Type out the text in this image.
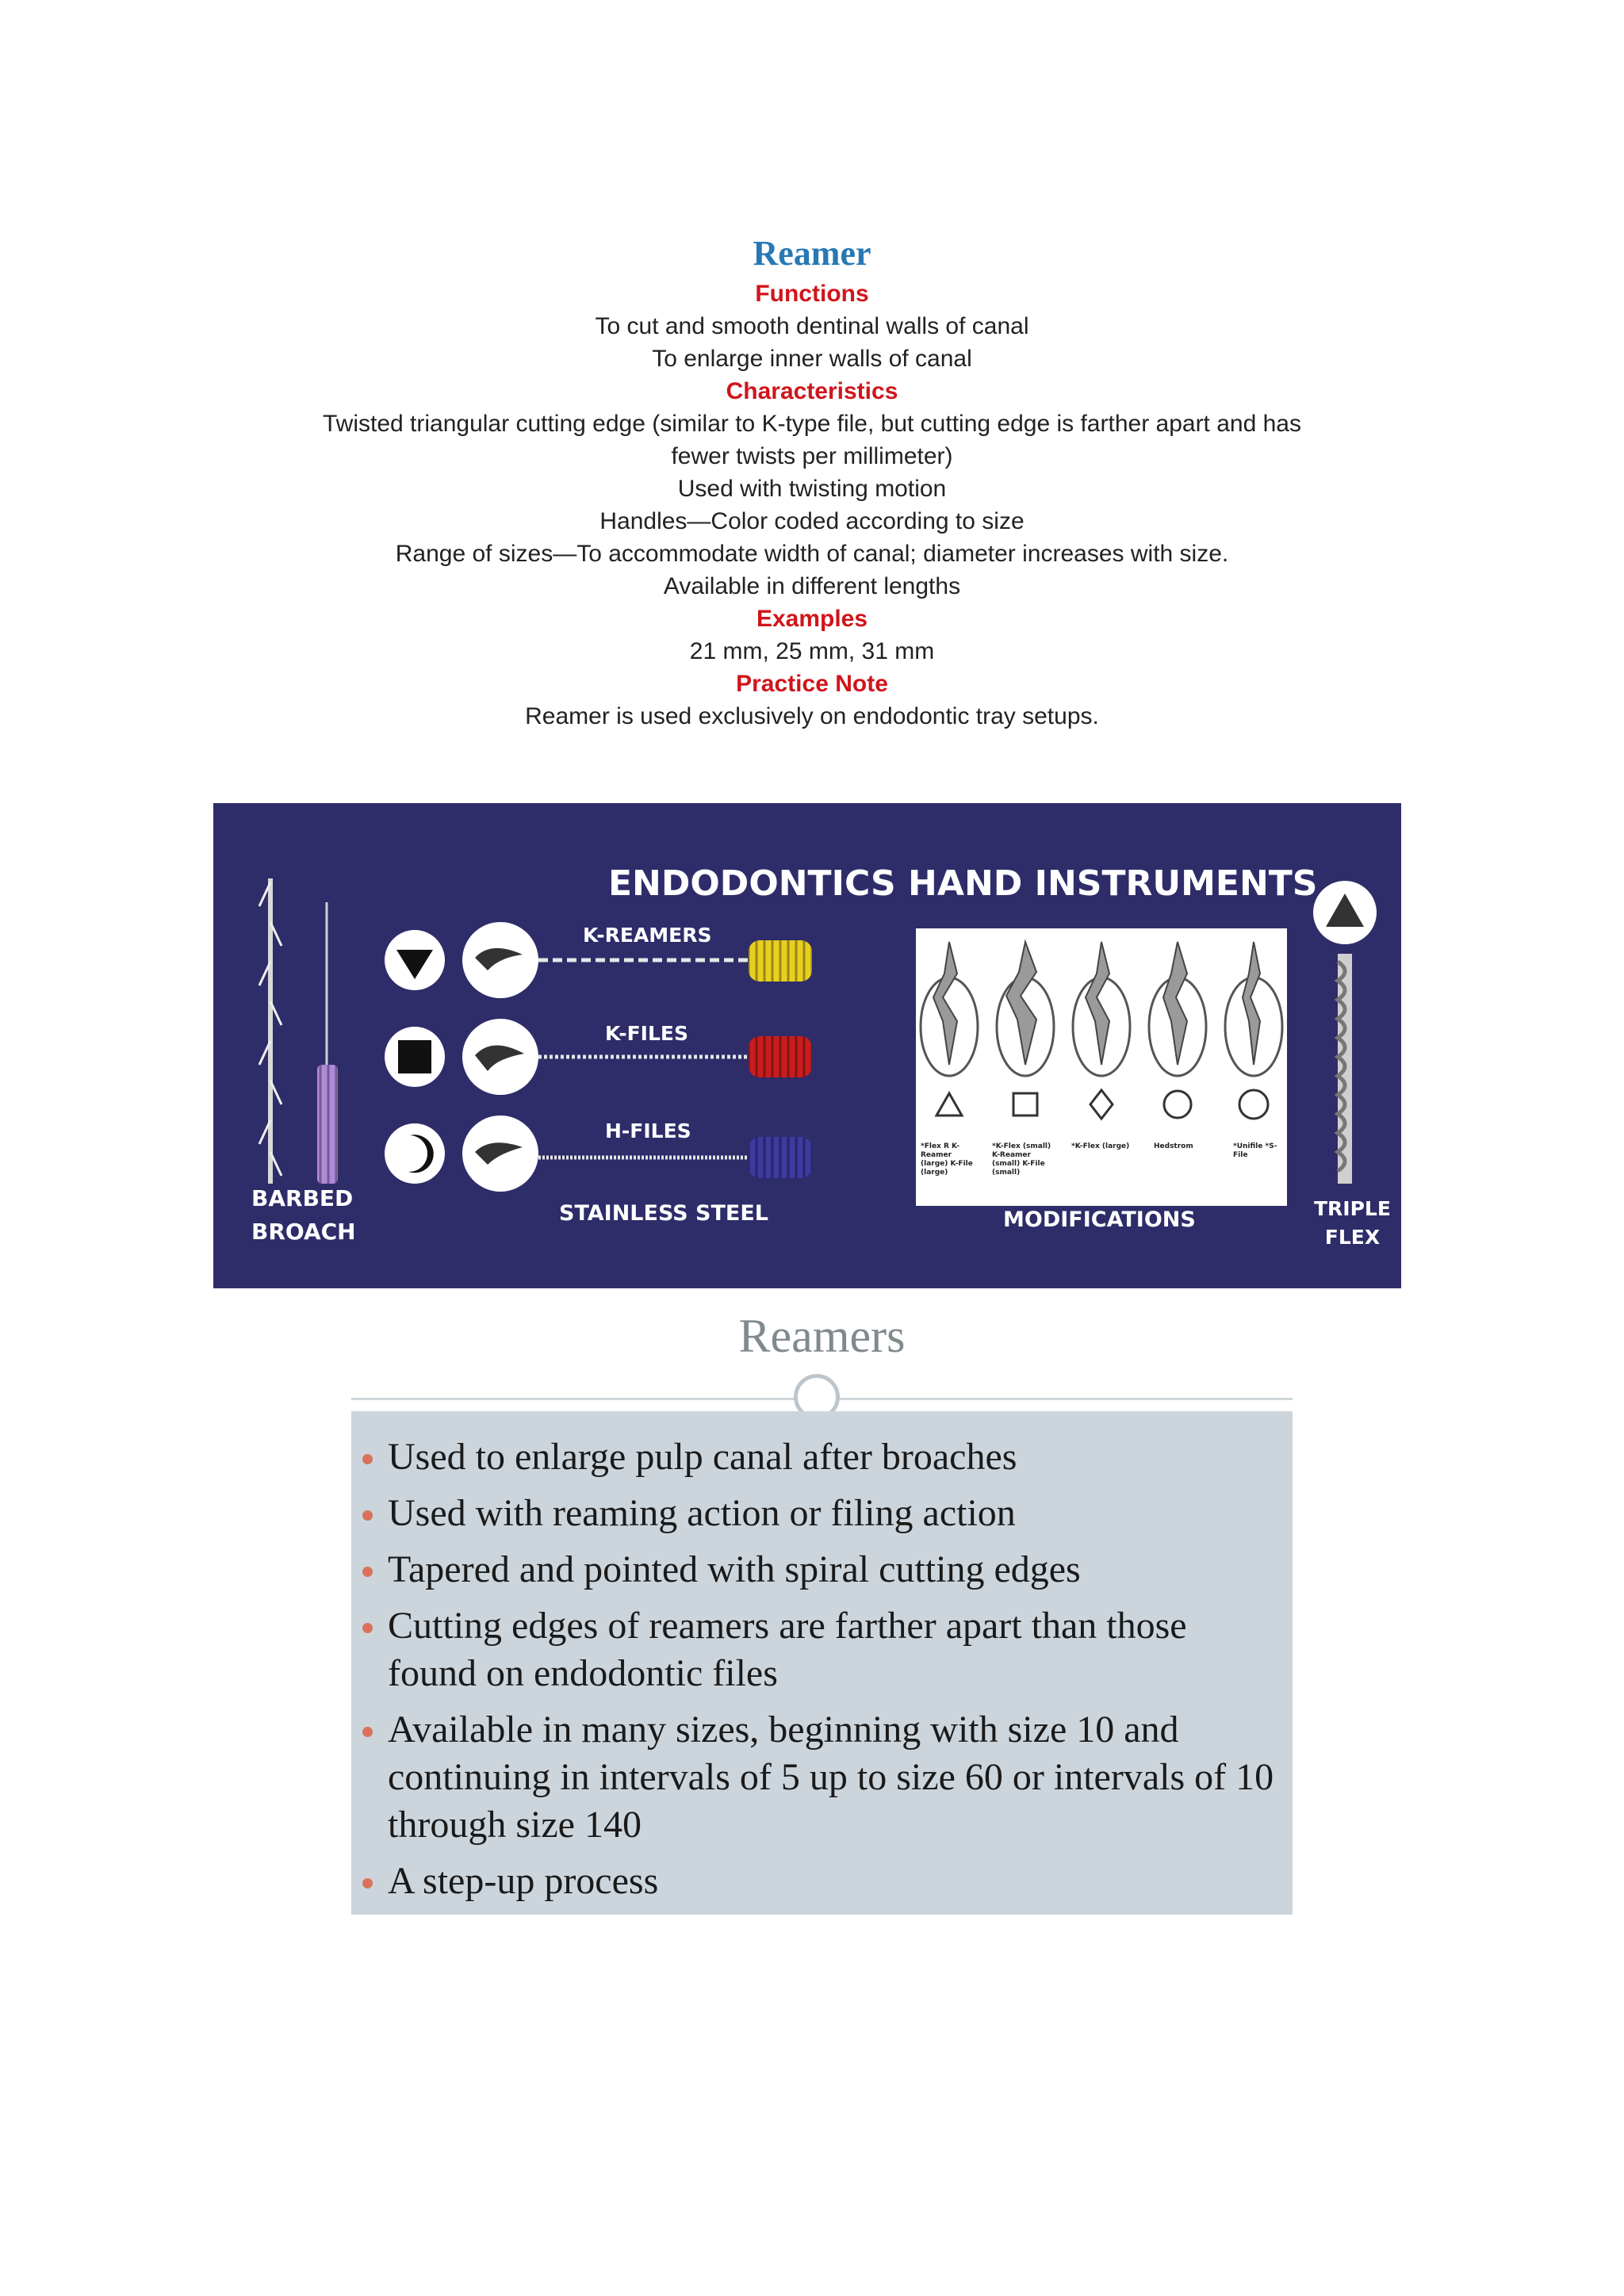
Reamer
Functions
To cut and smooth dentinal walls of canal
To enlarge inner walls of canal
Characteristics
Twisted triangular cutting edge (similar to K-type file, but cutting edge is farther apart and has
fewer twists per millimeter)
Used with twisting motion
Handles—Color coded according to size
Range of sizes—To accommodate width of canal; diameter increases with size.
Available in different lengths
Examples
21 mm, 25 mm, 31 mm
Practice Note
Reamer is used exclusively on endodontic tray setups.
ENDODONTICS HAND INSTRUMENTS
K-REAMERS
K-FILES
H-FILES
STAINLESS STEEL
BARBED
BROACH	MODIFICATIONS	TRIPLE
FLEX
*Flex R K-Reamer (large) K-File (large)
*K-Flex (small) K-Reamer (small) K-File (small)
*K-Flex (large)	Hedstrom	*Unifile *S-File
Reamers
Used to enlarge pulp canal after broaches
Used with reaming action or filing action
Tapered and pointed with spiral cutting edges
Cutting edges of reamers are farther apart than those found on endodontic files
Available in many sizes, beginning with size 10 and continuing in intervals of 5 up to size 60 or intervals of 10 through size 140
A step-up process
